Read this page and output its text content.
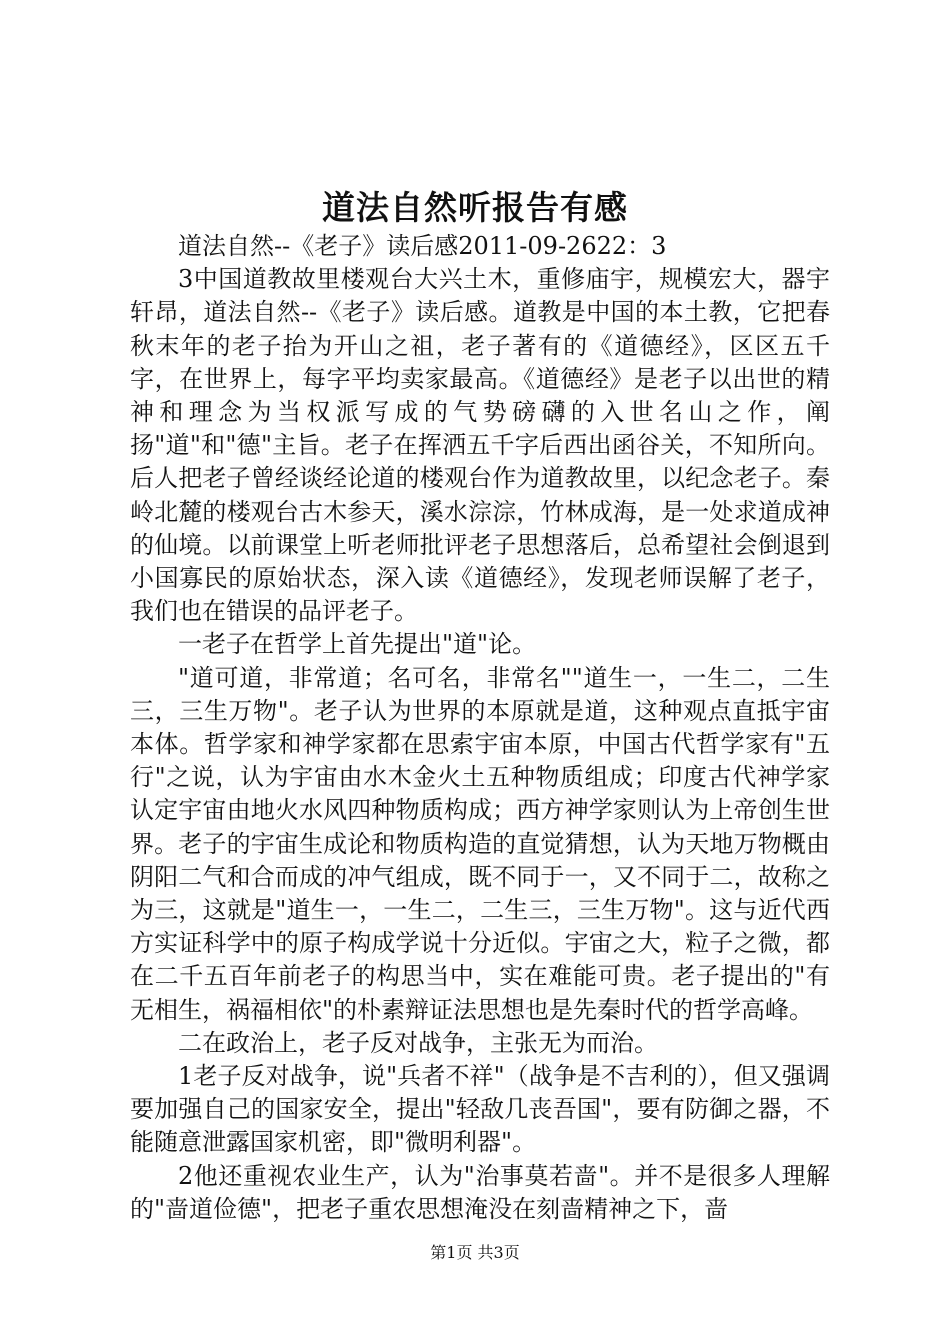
道法自然听报告有感

道法自然--《老子》读后感2011-09-2622：3

3中国道教故里楼观台大兴土木，重修庙宇，规模宏大，器宇轩昂，道法自然--《老子》读后感。道教是中国的本土教，它把春秋末年的老子抬为开山之祖，老子著有的《道德经》，区区五千字，在世界上，每字平均卖家最高。《道德经》是老子以出世的精神和理念为当权派写成的气势磅礴的入世名山之作，阐扬"道"和"德"主旨。老子在挥洒五千字后西出函谷关，不知所向。后人把老子曾经谈经论道的楼观台作为道教故里，以纪念老子。秦岭北麓的楼观台古木参天，溪水淙淙，竹林成海，是一处求道成神的仙境。以前课堂上听老师批评老子思想落后，总希望社会倒退到小国寡民的原始状态，深入读《道德经》，发现老师误解了老子，我们也在错误的品评老子。

一老子在哲学上首先提出"道"论。

"道可道，非常道；名可名，非常名""道生一，一生二，二生三，三生万物"。老子认为世界的本原就是道，这种观点直抵宇宙本体。哲学家和神学家都在思索宇宙本原，中国古代哲学家有"五行"之说，认为宇宙由水木金火土五种物质组成；印度古代神学家认定宇宙由地火水风四种物质构成；西方神学家则认为上帝创生世界。老子的宇宙生成论和物质构造的直觉猜想，认为天地万物概由阴阳二气和合而成的冲气组成，既不同于一，又不同于二，故称之为三，这就是"道生一，一生二，二生三，三生万物"。这与近代西方实证科学中的原子构成学说十分近似。宇宙之大，粒子之微，都在二千五百年前老子的构思当中，实在难能可贵。老子提出的"有无相生，祸福相依"的朴素辩证法思想也是先秦时代的哲学高峰。

二在政治上，老子反对战争，主张无为而治。

1老子反对战争，说"兵者不祥"（战争是不吉利的），但又强调要加强自己的国家安全，提出"轻敌几丧吾国"，要有防御之器，不能随意泄露国家机密，即"微明利器"。

2他还重视农业生产，认为"治事莫若啬"。并不是很多人理解的"啬道俭德"，把老子重农思想淹没在刻啬精神之下，啬

第1页 共3页
